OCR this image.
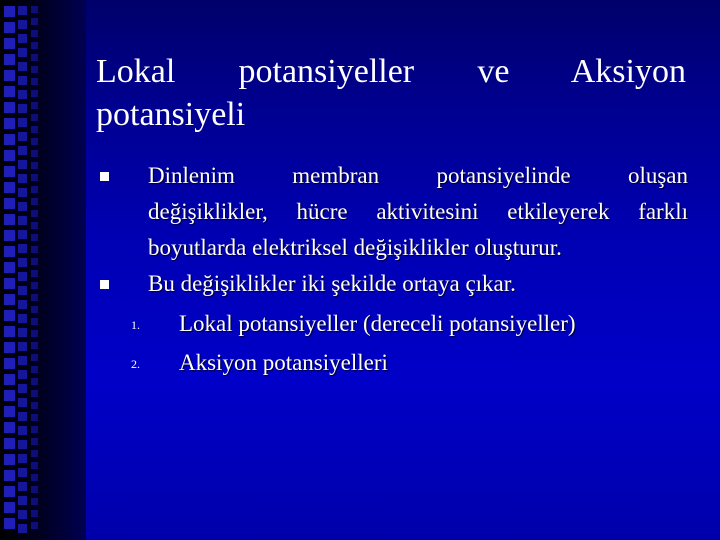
Lokal potansiyeller ve Aksiyon
potansiyeli
Dinlenim membran potansiyelinde oluşan
değişiklikler, hücre aktivitesini etkileyerek farklı
boyutlarda elektriksel değişiklikler oluşturur.
Bu değişiklikler iki şekilde ortaya çıkar.
1. Lokal potansiyeller (dereceli potansiyeller)
2. Aksiyon potansiyelleri
